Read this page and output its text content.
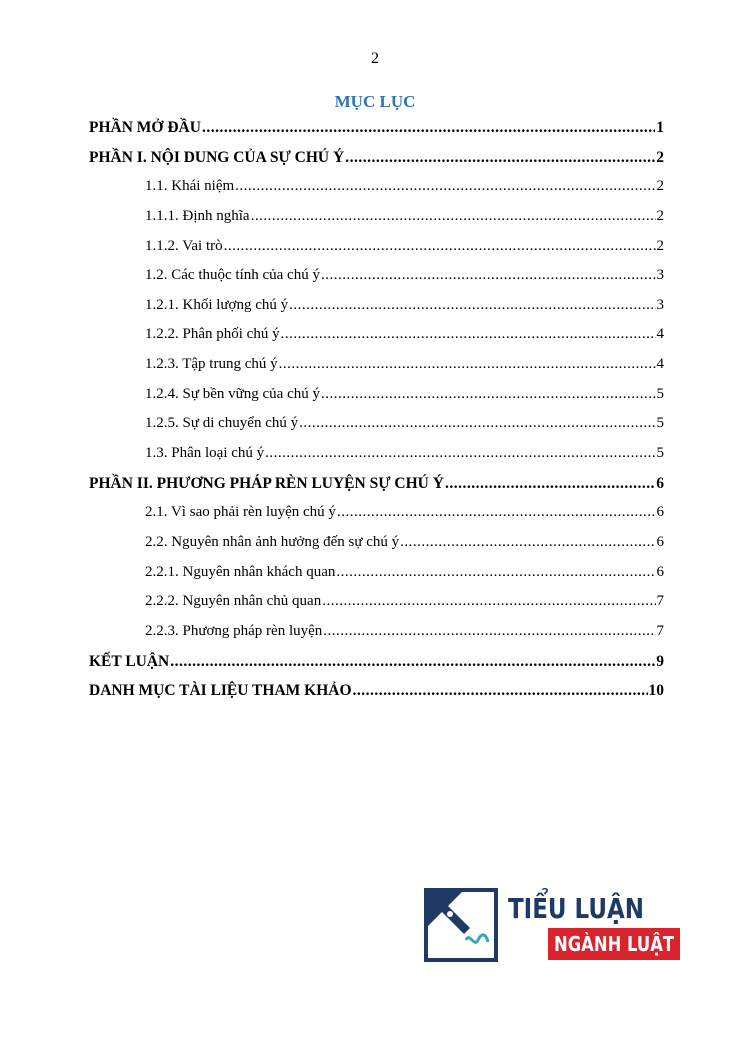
2
MỤC LỤC
PHẦN MỞ ĐẦU .....	1
PHẦN I. NỘI DUNG CỦA SỰ CHÚ Ý .....	2
1.1. Khái niệm .....	2
1.1.1. Định nghĩa .....	2
1.1.2. Vai trò .....	2
1.2. Các thuộc tính của chú ý .....	3
1.2.1. Khối lượng chú ý .....	3
1.2.2. Phân phối chú ý .....	4
1.2.3. Tập trung chú ý .....	4
1.2.4. Sự bền vững của chú ý .....	5
1.2.5. Sự di chuyển chú ý .....	5
1.3. Phân loại chú ý .....	5
PHẦN II. PHƯƠNG PHÁP RÈN LUYỆN SỰ CHÚ Ý .....	6
2.1. Vì sao phải rèn luyện chú ý .....	6
2.2. Nguyên nhân ảnh hưởng đến sự chú ý .....	6
2.2.1. Nguyên nhân khách quan .....	6
2.2.2. Nguyên nhân chủ quan .....	7
2.2.3. Phương pháp rèn luyện .....	7
KẾT LUẬN .....	9
DANH MỤC TÀI LIỆU THAM KHẢO .....	10
TIỂU LUẬN
NGÀNH LUẬT
